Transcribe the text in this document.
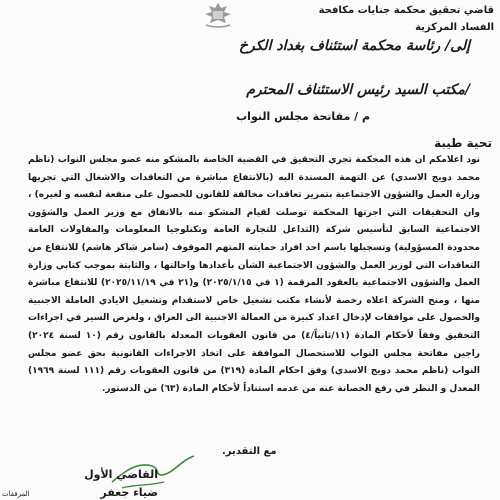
قاضي تحقيق محكمة جنايات مكافحة
الفساد المركزية
إلى/ رئاسة محكمة استئناف بغداد الكرخ
/مكتب السيد رئيس الاستئناف المحترم
م / مفاتحة مجلس النواب
تحية طيبة
نود اعلامكم ان هذه المحكمة تجري التحقيق في القضية الخاصة بالمشكو منه عضو مجلس النواب (ناظم محمد دويج الاسدي) عن التهمة المسندة اليه (بالانتفاع مباشرة من التعاقدات والاشغال التي تجريها وزارة العمل والشؤون الاجتماعية بتمرير تعاقدات مخالفة للقانون للحصول على منفعة لنفسه و لغيره) ، وان التحقيقات التي اجرتها المحكمة توصلت لقيام المشكو منه بالاتفاق مع وزير العمل والشؤون الاجتماعية السابق لتأسيس شركة (التداعل للتجارة العامة وتكنلوجيا المعلومات والمقاولات العامة محدودة المسؤولية) وتسجيلها باسم احد افراد حمايته المتهم الموقوف (سامر شاكر هاشم) للانتفاع من التعاقدات التي لوزير العمل والشؤون الاجتماعية الشأن بأعدادها واحالتها ، والثابتة بموجب كتابي وزارة العمل والشؤون الاجتماعية بالعقود المرقمة (١ في ٢٠٢٥/١/١٥) و(٢١ في ٢٠٢٥/١١/١٩) للانتفاع مباشرة منها ، ومنح الشركة اعلاه رخصة لأنشاء مكتب تشغيل خاص لاستقدام وتشغيل الايادي العاملة الاجنبية والحصول على موافقات لإدخال اعداد كبيرة من العمالة الاجنبية الى العراق ، ولغرض السير في اجراءات التحقيق وفقاً لأحكام المادة (١١/ثانياً/٤) من قانون العقوبات المعدلة بالقانون رقم (١٠ لسنة ٢٠٢٤) راجين مفاتحة مجلس النواب للاستحصال الموافقة على اتخاذ الاجراءات القانونية بحق عضو مجلس النواب (ناظم محمد دويج الاسدي) وفق احكام المادة (٣١٩) من قانون العقوبات رقم (١١١ لسنة ١٩٦٩) المعدل و النظر في رفع الحصانة عنه من عدمه استناداً لأحكام المادة (٦٣) من الدستور.
مع التقدير.
القاضي الأول
ضياء جعفر
المرفقات
